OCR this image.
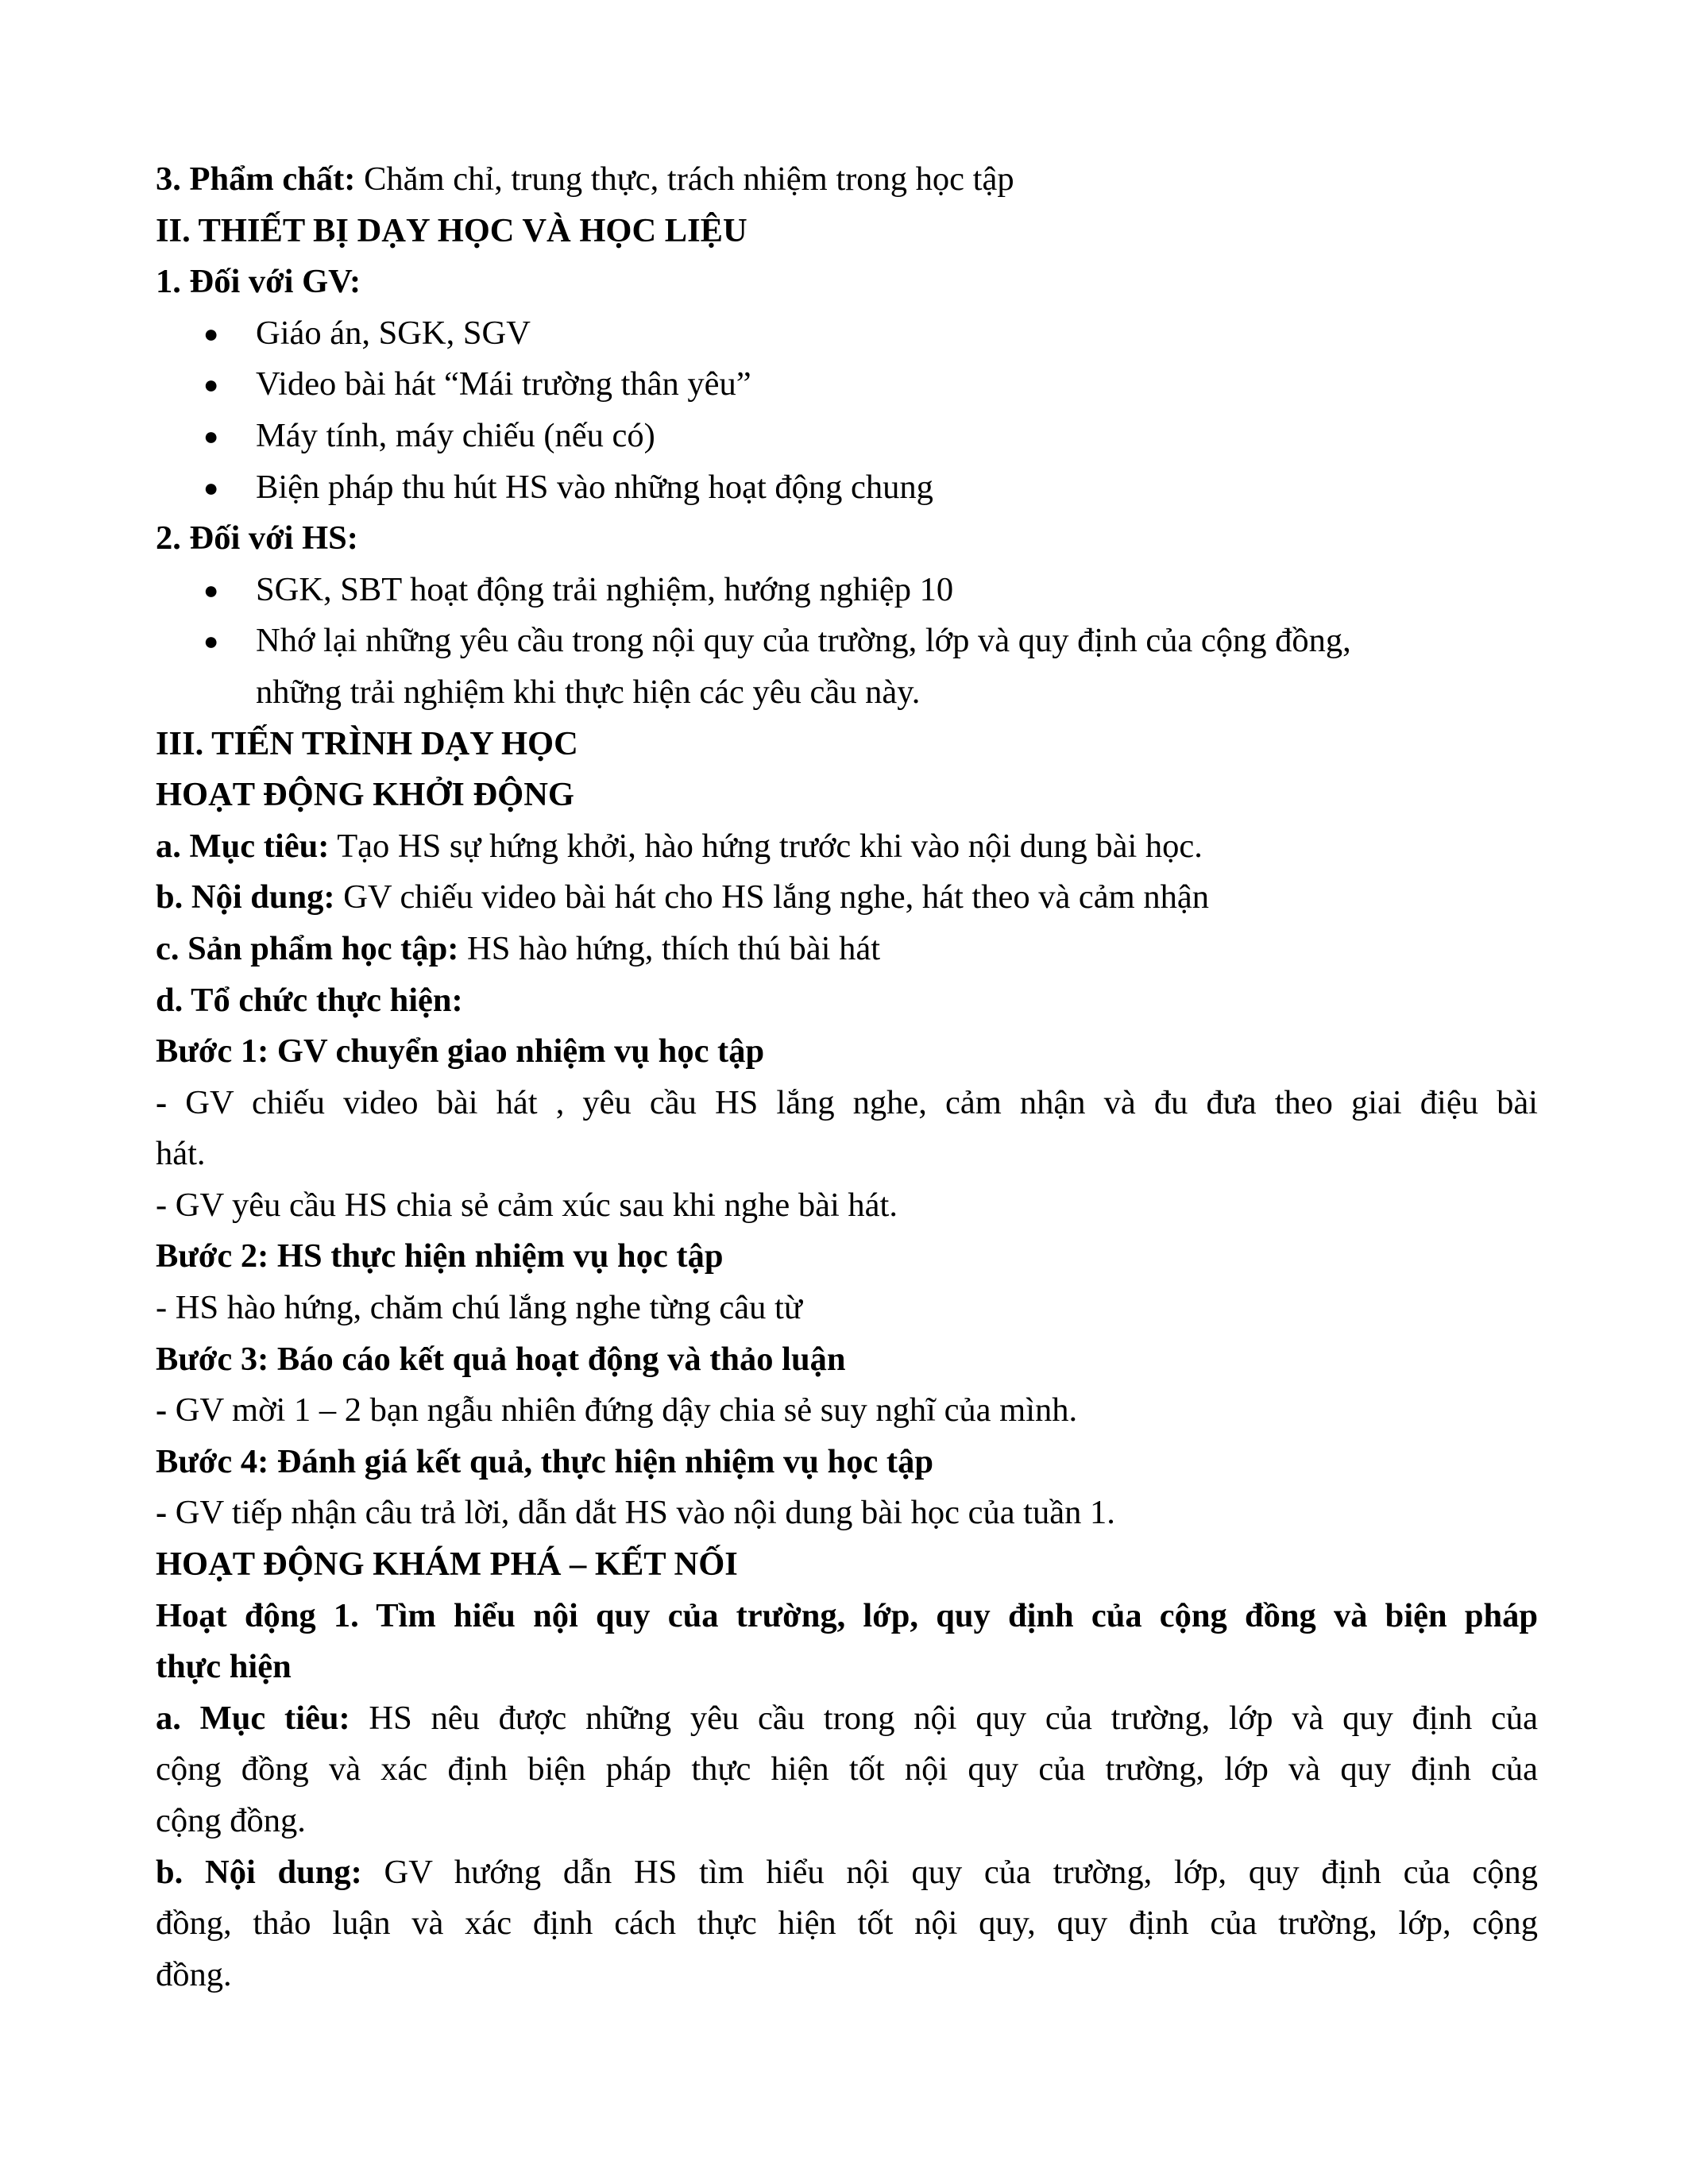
3. Phẩm chất: Chăm chỉ, trung thực, trách nhiệm trong học tập
II. THIẾT BỊ DẠY HỌC VÀ HỌC LIỆU
1. Đối với GV:
● Giáo án, SGK, SGV
● Video bài hát “Mái trường thân yêu”
● Máy tính, máy chiếu (nếu có)
● Biện pháp thu hút HS vào những hoạt động chung
2. Đối với HS:
● SGK, SBT hoạt động trải nghiệm, hướng nghiệp 10
● Nhớ lại những yêu cầu trong nội quy của trường, lớp và quy định của cộng đồng,
những trải nghiệm khi thực hiện các yêu cầu này.
III. TIẾN TRÌNH DẠY HỌC
HOẠT ĐỘNG KHỞI ĐỘNG
a. Mục tiêu: Tạo HS sự hứng khởi, hào hứng trước khi vào nội dung bài học.
b. Nội dung: GV chiếu video bài hát cho HS lắng nghe, hát theo và cảm nhận
c. Sản phẩm học tập: HS hào hứng, thích thú bài hát
d. Tổ chức thực hiện:
Bước 1: GV chuyển giao nhiệm vụ học tập
- GV chiếu video bài hát , yêu cầu HS lắng nghe, cảm nhận và đu đưa theo giai điệu bài
hát.
- GV yêu cầu HS chia sẻ cảm xúc sau khi nghe bài hát.
Bước 2: HS thực hiện nhiệm vụ học tập
- HS hào hứng, chăm chú lắng nghe từng câu từ
Bước 3: Báo cáo kết quả hoạt động và thảo luận
- GV mời 1 – 2 bạn ngẫu nhiên đứng dậy chia sẻ suy nghĩ của mình.
Bước 4: Đánh giá kết quả, thực hiện nhiệm vụ học tập
- GV tiếp nhận câu trả lời, dẫn dắt HS vào nội dung bài học của tuần 1.
HOẠT ĐỘNG KHÁM PHÁ – KẾT NỐI
Hoạt động 1. Tìm hiểu nội quy của trường, lớp, quy định của cộng đồng và biện pháp
thực hiện
a. Mục tiêu: HS nêu được những yêu cầu trong nội quy của trường, lớp và quy định của
cộng đồng và xác định biện pháp thực hiện tốt nội quy của trường, lớp và quy định của
cộng đồng.
b. Nội dung: GV hướng dẫn HS tìm hiểu nội quy của trường, lớp, quy định của cộng
đồng, thảo luận và xác định cách thực hiện tốt nội quy, quy định của trường, lớp, cộng
đồng.
